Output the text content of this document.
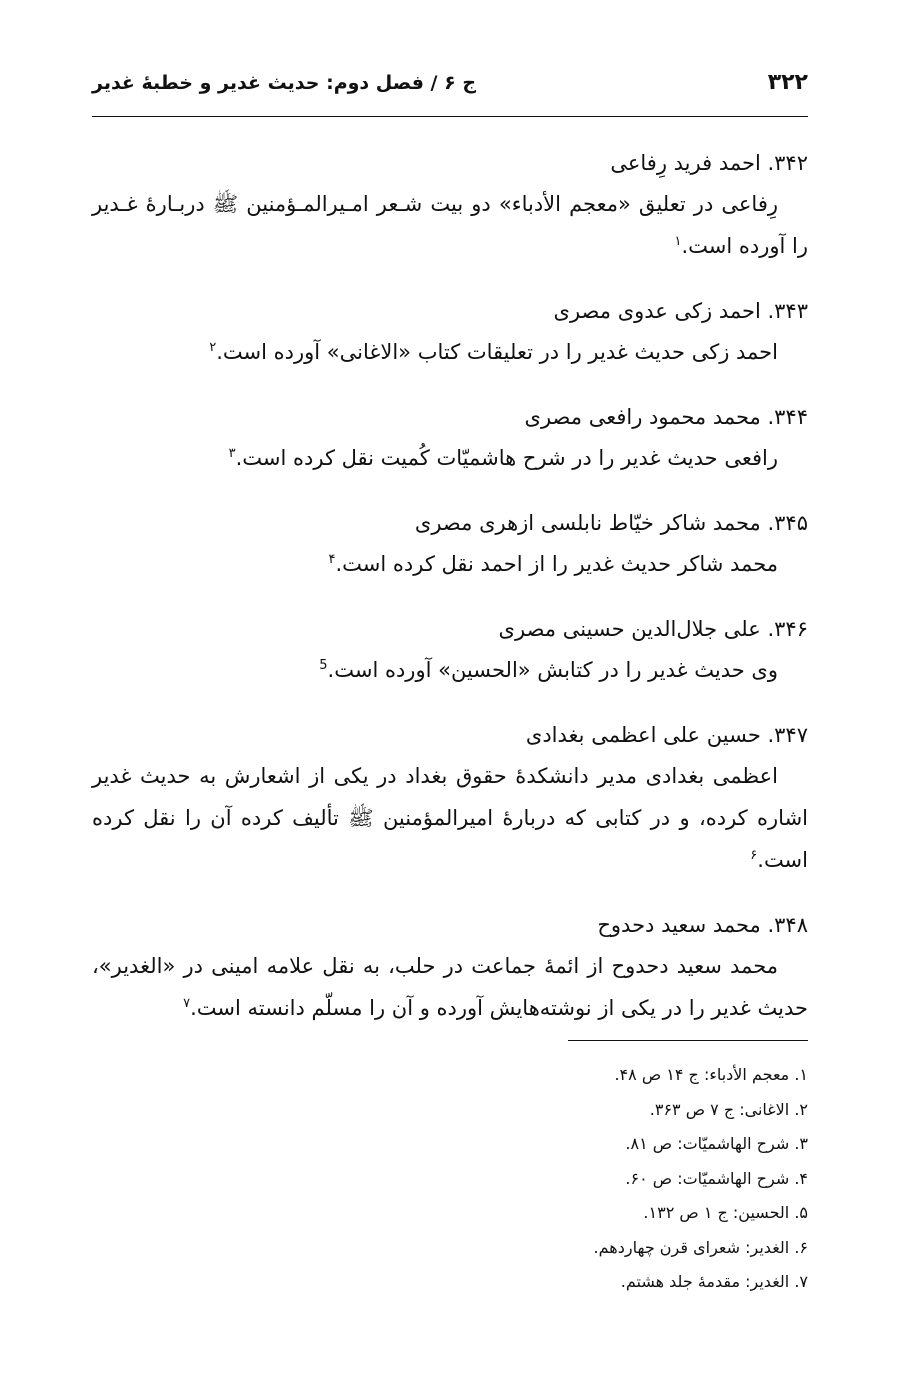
۳۲۲
ج ۶ / فصل دوم: حدیث غدیر و خطبهٔ غدیر

۳۴۲. احمد فرید رِفاعی

رِفاعی در تعلیق «معجم الأدباء» دو بیت شـعر امـیرالمـؤمنین ﷺ دربـارهٔ غـدیر را آورده است.$^۱$

۳۴۳. احمد زکی عدوی مصری

احمد زکی حدیث غدیر را در تعلیقات کتاب «الاغانی» آورده است.$^۲$

۳۴۴. محمد محمود رافعی مصری

رافعی حدیث غدیر را در شرح هاشمیّات کُمیت نقل کرده است.$^۳$

۳۴۵. محمد شاکر خیّاط نابلسی ازهری مصری

محمد شاکر حدیث غدیر را از احمد نقل کرده است.$^۴$

۳۴۶. علی جلال‌الدین حسینی مصری

وی حدیث غدیر را در کتابش «الحسین» آورده است.$^5$

۳۴۷. حسین علی اعظمی بغدادی

اعظمی بغدادی مدیر دانشکدهٔ حقوق بغداد در یکی از اشعارش به حدیث غدیر اشاره کرده، و در کتابی که دربارهٔ امیرالمؤمنین ﷺ تألیف کرده آن را نقل کرده است.$^۶$

۳۴۸. محمد سعید دحدوح

محمد سعید دحدوح از ائمهٔ جماعت در حلب، به نقل علامه امینی در «الغدیر»، حدیث غدیر را در یکی از نوشته‌هایش آورده و آن را مسلّم دانسته است.$^۷$

۱. معجم الأدباء: ج ۱۴ ص ۴۸.
۲. الاغانی: ج ۷ ص ۳۶۳.
۳. شرح الهاشمیّات: ص ۸۱.
۴. شرح الهاشمیّات: ص ۶۰.
۵. الحسین: ج ۱ ص ۱۳۲.
۶. الغدیر: شعرای قرن چهاردهم.
۷. الغدیر: مقدمهٔ جلد هشتم.
